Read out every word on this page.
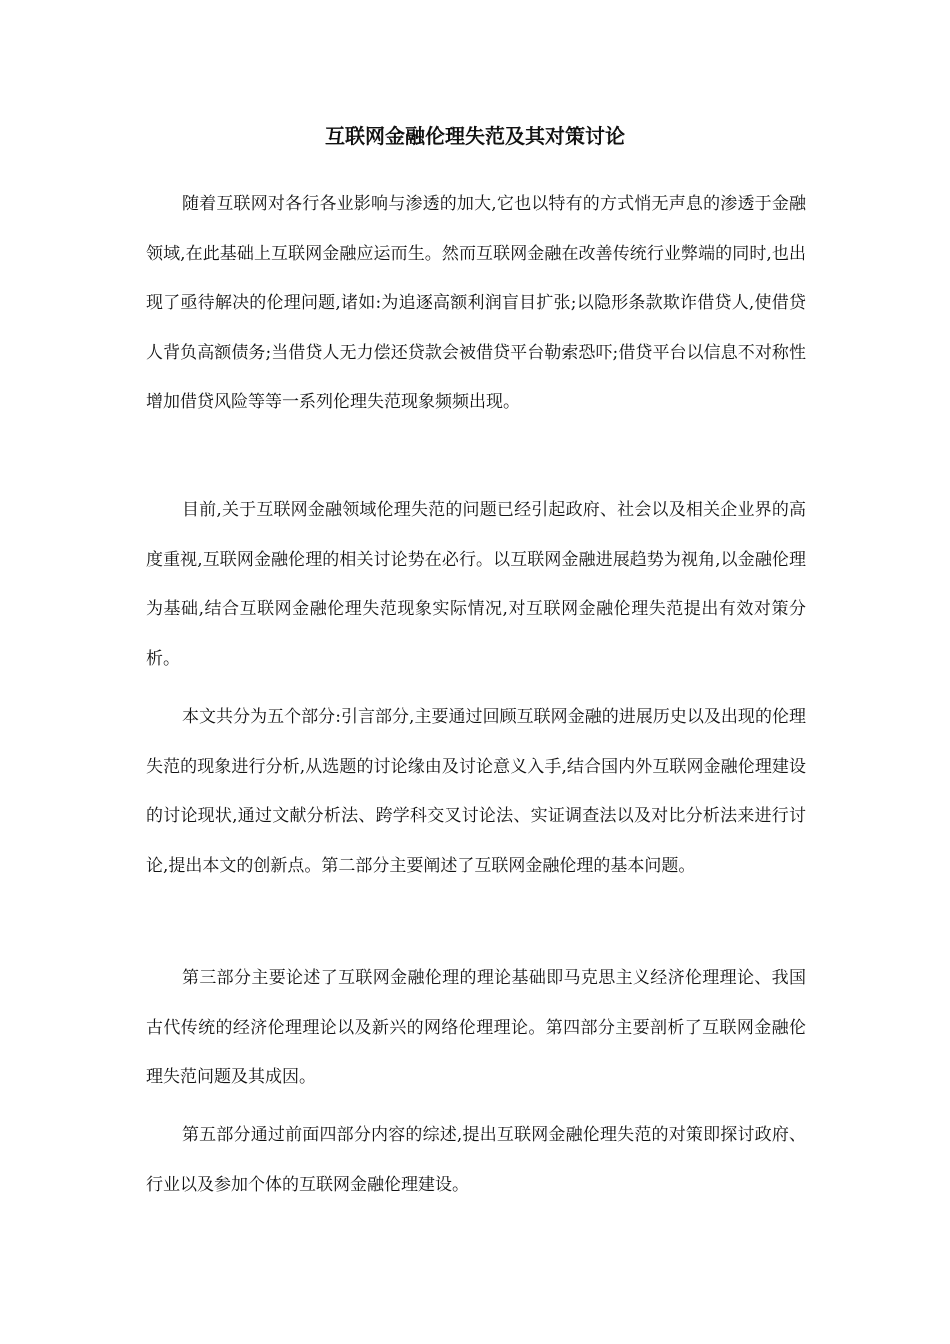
互联网金融伦理失范及其对策讨论

随着互联网对各行各业影响与渗透的加大,它也以特有的方式悄无声息的渗透于金融领域,在此基础上互联网金融应运而生。然而互联网金融在改善传统行业弊端的同时,也出现了亟待解决的伦理问题,诸如:为追逐高额利润盲目扩张;以隐形条款欺诈借贷人,使借贷人背负高额债务;当借贷人无力偿还贷款会被借贷平台勒索恐吓;借贷平台以信息不对称性增加借贷风险等等一系列伦理失范现象频频出现。

目前,关于互联网金融领域伦理失范的问题已经引起政府、社会以及相关企业界的高度重视,互联网金融伦理的相关讨论势在必行。以互联网金融进展趋势为视角,以金融伦理为基础,结合互联网金融伦理失范现象实际情况,对互联网金融伦理失范提出有效对策分析。

本文共分为五个部分:引言部分,主要通过回顾互联网金融的进展历史以及出现的伦理失范的现象进行分析,从选题的讨论缘由及讨论意义入手,结合国内外互联网金融伦理建设的讨论现状,通过文献分析法、跨学科交叉讨论法、实证调查法以及对比分析法来进行讨论,提出本文的创新点。第二部分主要阐述了互联网金融伦理的基本问题。

第三部分主要论述了互联网金融伦理的理论基础即马克思主义经济伦理理论、我国古代传统的经济伦理理论以及新兴的网络伦理理论。第四部分主要剖析了互联网金融伦理失范问题及其成因。

第五部分通过前面四部分内容的综述,提出互联网金融伦理失范的对策即探讨政府、行业以及参加个体的互联网金融伦理建设。
